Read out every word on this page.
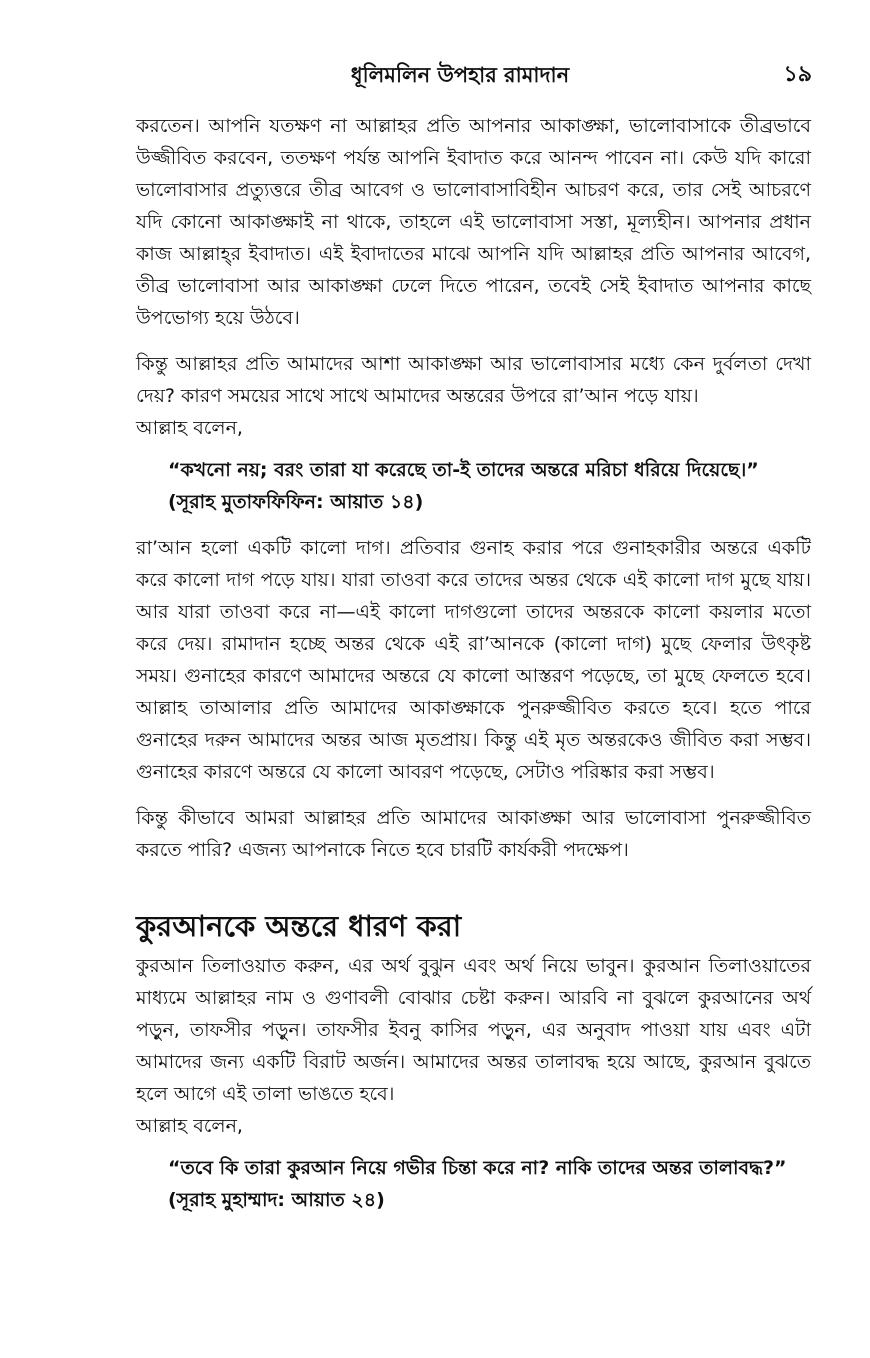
ধূলিমলিন উপহার রামাদান	১৯

করতেন। আপনি যতক্ষণ না আল্লাহর প্রতি আপনার আকাঙ্ক্ষা, ভালোবাসাকে তীব্রভাবে উজ্জীবিত করবেন, ততক্ষণ পর্যন্ত আপনি ইবাদাত করে আনন্দ পাবেন না। কেউ যদি কারো ভালোবাসার প্রত্যুত্তরে তীব্র আবেগ ও ভালোবাসাবিহীন আচরণ করে, তার সেই আচরণে যদি কোনো আকাঙ্ক্ষাই না থাকে, তাহলে এই ভালোবাসা সস্তা, মূল্যহীন। আপনার প্রধান কাজ আল্লাহ্‌র ইবাদাত। এই ইবাদাতের মাঝে আপনি যদি আল্লাহর প্রতি আপনার আবেগ, তীব্র ভালোবাসা আর আকাঙ্ক্ষা ঢেলে দিতে পারেন, তবেই সেই ইবাদাত আপনার কাছে উপভোগ্য হয়ে উঠবে।

কিন্তু আল্লাহর প্রতি আমাদের আশা আকাঙ্ক্ষা আর ভালোবাসার মধ্যে কেন দুর্বলতা দেখা দেয়? কারণ সময়ের সাথে সাথে আমাদের অন্তরের উপরে রা’আন পড়ে যায়।

আল্লাহ বলেন,

“কখনো নয়; বরং তারা যা করেছে তা-ই তাদের অন্তরে মরিচা ধরিয়ে দিয়েছে।”
(সূরাহ মুতাফফিফিন: আয়াত ১৪)

রা’আন হলো একটি কালো দাগ। প্রতিবার গুনাহ করার পরে গুনাহকারীর অন্তরে একটি করে কালো দাগ পড়ে যায়। যারা তাওবা করে তাদের অন্তর থেকে এই কালো দাগ মুছে যায়। আর যারা তাওবা করে না—এই কালো দাগগুলো তাদের অন্তরকে কালো কয়লার মতো করে দেয়। রামাদান হচ্ছে অন্তর থেকে এই রা’আনকে (কালো দাগ) মুছে ফেলার উৎকৃষ্ট সময়। গুনাহের কারণে আমাদের অন্তরে যে কালো আস্তরণ পড়েছে, তা মুছে ফেলতে হবে। আল্লাহ তাআলার প্রতি আমাদের আকাঙ্ক্ষাকে পুনরুজ্জীবিত করতে হবে। হতে পারে গুনাহের দরুন আমাদের অন্তর আজ মৃতপ্রায়। কিন্তু এই মৃত অন্তরকেও জীবিত করা সম্ভব। গুনাহের কারণে অন্তরে যে কালো আবরণ পড়েছে, সেটাও পরিষ্কার করা সম্ভব।

কিন্তু কীভাবে আমরা আল্লাহর প্রতি আমাদের আকাঙ্ক্ষা আর ভালোবাসা পুনরুজ্জীবিত করতে পারি? এজন্য আপনাকে নিতে হবে চারটি কার্যকরী পদক্ষেপ।

কুরআনকে অন্তরে ধারণ করা

কুরআন তিলাওয়াত করুন, এর অর্থ বুঝুন এবং অর্থ নিয়ে ভাবুন। কুরআন তিলাওয়াতের মাধ্যমে আল্লাহর নাম ও গুণাবলী বোঝার চেষ্টা করুন। আরবি না বুঝলে কুরআনের অর্থ পড়ুন, তাফসীর পড়ুন। তাফসীর ইবনু কাসির পড়ুন, এর অনুবাদ পাওয়া যায় এবং এটা আমাদের জন্য একটি বিরাট অর্জন। আমাদের অন্তর তালাবদ্ধ হয়ে আছে, কুরআন বুঝতে হলে আগে এই তালা ভাঙতে হবে।

আল্লাহ বলেন,

“তবে কি তারা কুরআন নিয়ে গভীর চিন্তা করে না? নাকি তাদের অন্তর তালাবদ্ধ?” (সূরাহ মুহাম্মাদ: আয়াত ২৪)
